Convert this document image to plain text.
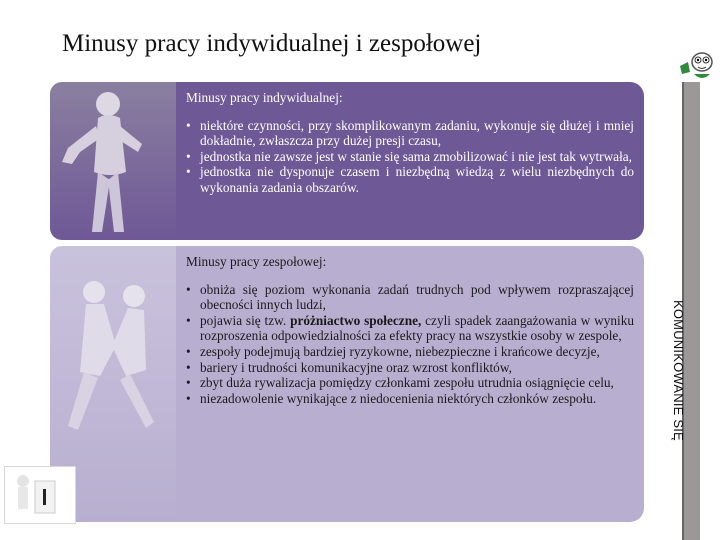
Minusy pracy indywidualnej i zespołowej
KOMUNIKOWANIE SIĘ
Minusy pracy indywidualnej:
• niektóre czynności, przy skomplikowanym zadaniu, wykonuje się dłużej i mniej dokładnie, zwłaszcza przy dużej presji czasu,
• jednostka nie zawsze jest w stanie się sama zmobilizować i nie jest tak wytrwała,
• jednostka nie dysponuje czasem i niezbędną wiedzą z wielu niezbędnych do wykonania zadania obszarów.
Minusy pracy zespołowej:
• obniża się poziom wykonania zadań trudnych pod wpływem rozpraszającej obecności innych ludzi,
• pojawia się tzw. próżniactwo społeczne, czyli spadek zaangażowania w wyniku rozproszenia odpowiedzialności za efekty pracy na wszystkie osoby w zespole,
• zespoły podejmują bardziej ryzykowne, niebezpieczne i krańcowe decyzje,
• bariery i trudności komunikacyjne oraz wzrost konfliktów,
• zbyt duża rywalizacja pomiędzy członkami zespołu utrudnia osiągnięcie celu,
• niezadowolenie wynikające z niedocenienia niektórych członków zespołu.
